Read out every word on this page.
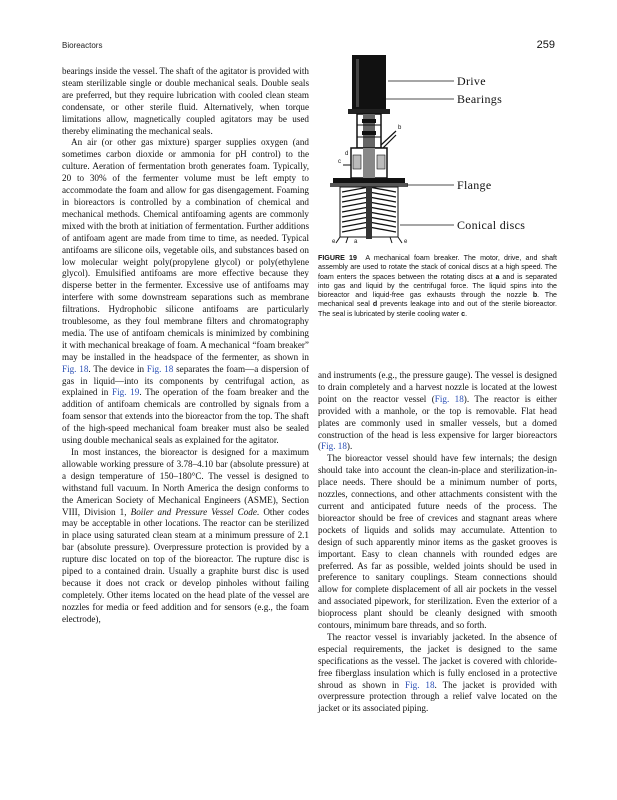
Bioreactors	259

bearings inside the vessel. The shaft of the agitator is provided with steam sterilizable single or double mechanical seals. Double seals are preferred, but they require lubrication with cooled clean steam condensate, or other sterile fluid. Alternatively, when torque limitations allow, magnetically coupled agitators may be used thereby eliminating the mechanical seals.

An air (or other gas mixture) sparger supplies oxygen (and sometimes carbon dioxide or ammonia for pH control) to the culture. Aeration of fermentation broth generates foam. Typically, 20 to 30% of the fermenter volume must be left empty to accommodate the foam and allow for gas disengagement. Foaming in bioreactors is controlled by a combination of chemical and mechanical methods. Chemical antifoaming agents are commonly mixed with the broth at initiation of fermentation. Further additions of antifoam agent are made from time to time, as needed. Typical antifoams are silicone oils, vegetable oils, and substances based on low molecular weight poly(propylene glycol) or poly(ethylene glycol). Emulsified antifoams are more effective because they disperse better in the fermenter. Excessive use of antifoams may interfere with some downstream separations such as membrane filtrations. Hydrophobic silicone antifoams are particularly troublesome, as they foul membrane filters and chromatography media. The use of antifoam chemicals is minimized by combining it with mechanical breakage of foam. A mechanical “foam breaker” may be installed in the headspace of the fermenter, as shown in Fig. 18. The device in Fig. 18 separates the foam—a dispersion of gas in liquid—into its components by centrifugal action, as explained in Fig. 19. The operation of the foam breaker and the addition of antifoam chemicals are controlled by signals from a foam sensor that extends into the bioreactor from the top. The shaft of the high-speed mechanical foam breaker must also be sealed using double mechanical seals as explained for the agitator.

In most instances, the bioreactor is designed for a maximum allowable working pressure of 3.78–4.10 bar (absolute pressure) at a design temperature of 150–180°C. The vessel is designed to withstand full vacuum. In North America the design conforms to the American Society of Mechanical Engineers (ASME), Section VIII, Division 1, Boiler and Pressure Vessel Code. Other codes may be acceptable in other locations. The reactor can be sterilized in place using saturated clean steam at a minimum pressure of 2.1 bar (absolute pressure). Overpressure protection is provided by a rupture disc located on top of the bioreactor. The rupture disc is piped to a contained drain. Usually a graphite burst disc is used because it does not crack or develop pinholes without failing completely. Other items located on the head plate of the vessel are nozzles for media or feed addition and for sensors (e.g., the foam electrode),

Drive
Bearings
Flange
Conical discs
b
c
d
a
e	e
FIGURE 19 A mechanical foam breaker. The motor, drive, and shaft assembly are used to rotate the stack of conical discs at a high speed. The foam enters the spaces between the rotating discs at a and is separated into gas and liquid by the centrifugal force. The liquid spins into the bioreactor and liquid-free gas exhausts through the nozzle b. The mechanical seal d prevents leakage into and out of the sterile bioreactor. The seal is lubricated by sterile cooling water c.

and instruments (e.g., the pressure gauge). The vessel is designed to drain completely and a harvest nozzle is located at the lowest point on the reactor vessel (Fig. 18). The reactor is either provided with a manhole, or the top is removable. Flat head plates are commonly used in smaller vessels, but a domed construction of the head is less expensive for larger bioreactors (Fig. 18).

The bioreactor vessel should have few internals; the design should take into account the clean-in-place and sterilization-in-place needs. There should be a minimum number of ports, nozzles, connections, and other attachments consistent with the current and anticipated future needs of the process. The bioreactor should be free of crevices and stagnant areas where pockets of liquids and solids may accumulate. Attention to design of such apparently minor items as the gasket grooves is important. Easy to clean channels with rounded edges are preferred. As far as possible, welded joints should be used in preference to sanitary couplings. Steam connections should allow for complete displacement of all air pockets in the vessel and associated pipework, for sterilization. Even the exterior of a bioprocess plant should be cleanly designed with smooth contours, minimum bare threads, and so forth.

The reactor vessel is invariably jacketed. In the absence of especial requirements, the jacket is designed to the same specifications as the vessel. The jacket is covered with chloride-free fiberglass insulation which is fully enclosed in a protective shroud as shown in Fig. 18. The jacket is provided with overpressure protection through a relief valve located on the jacket or its associated piping.
